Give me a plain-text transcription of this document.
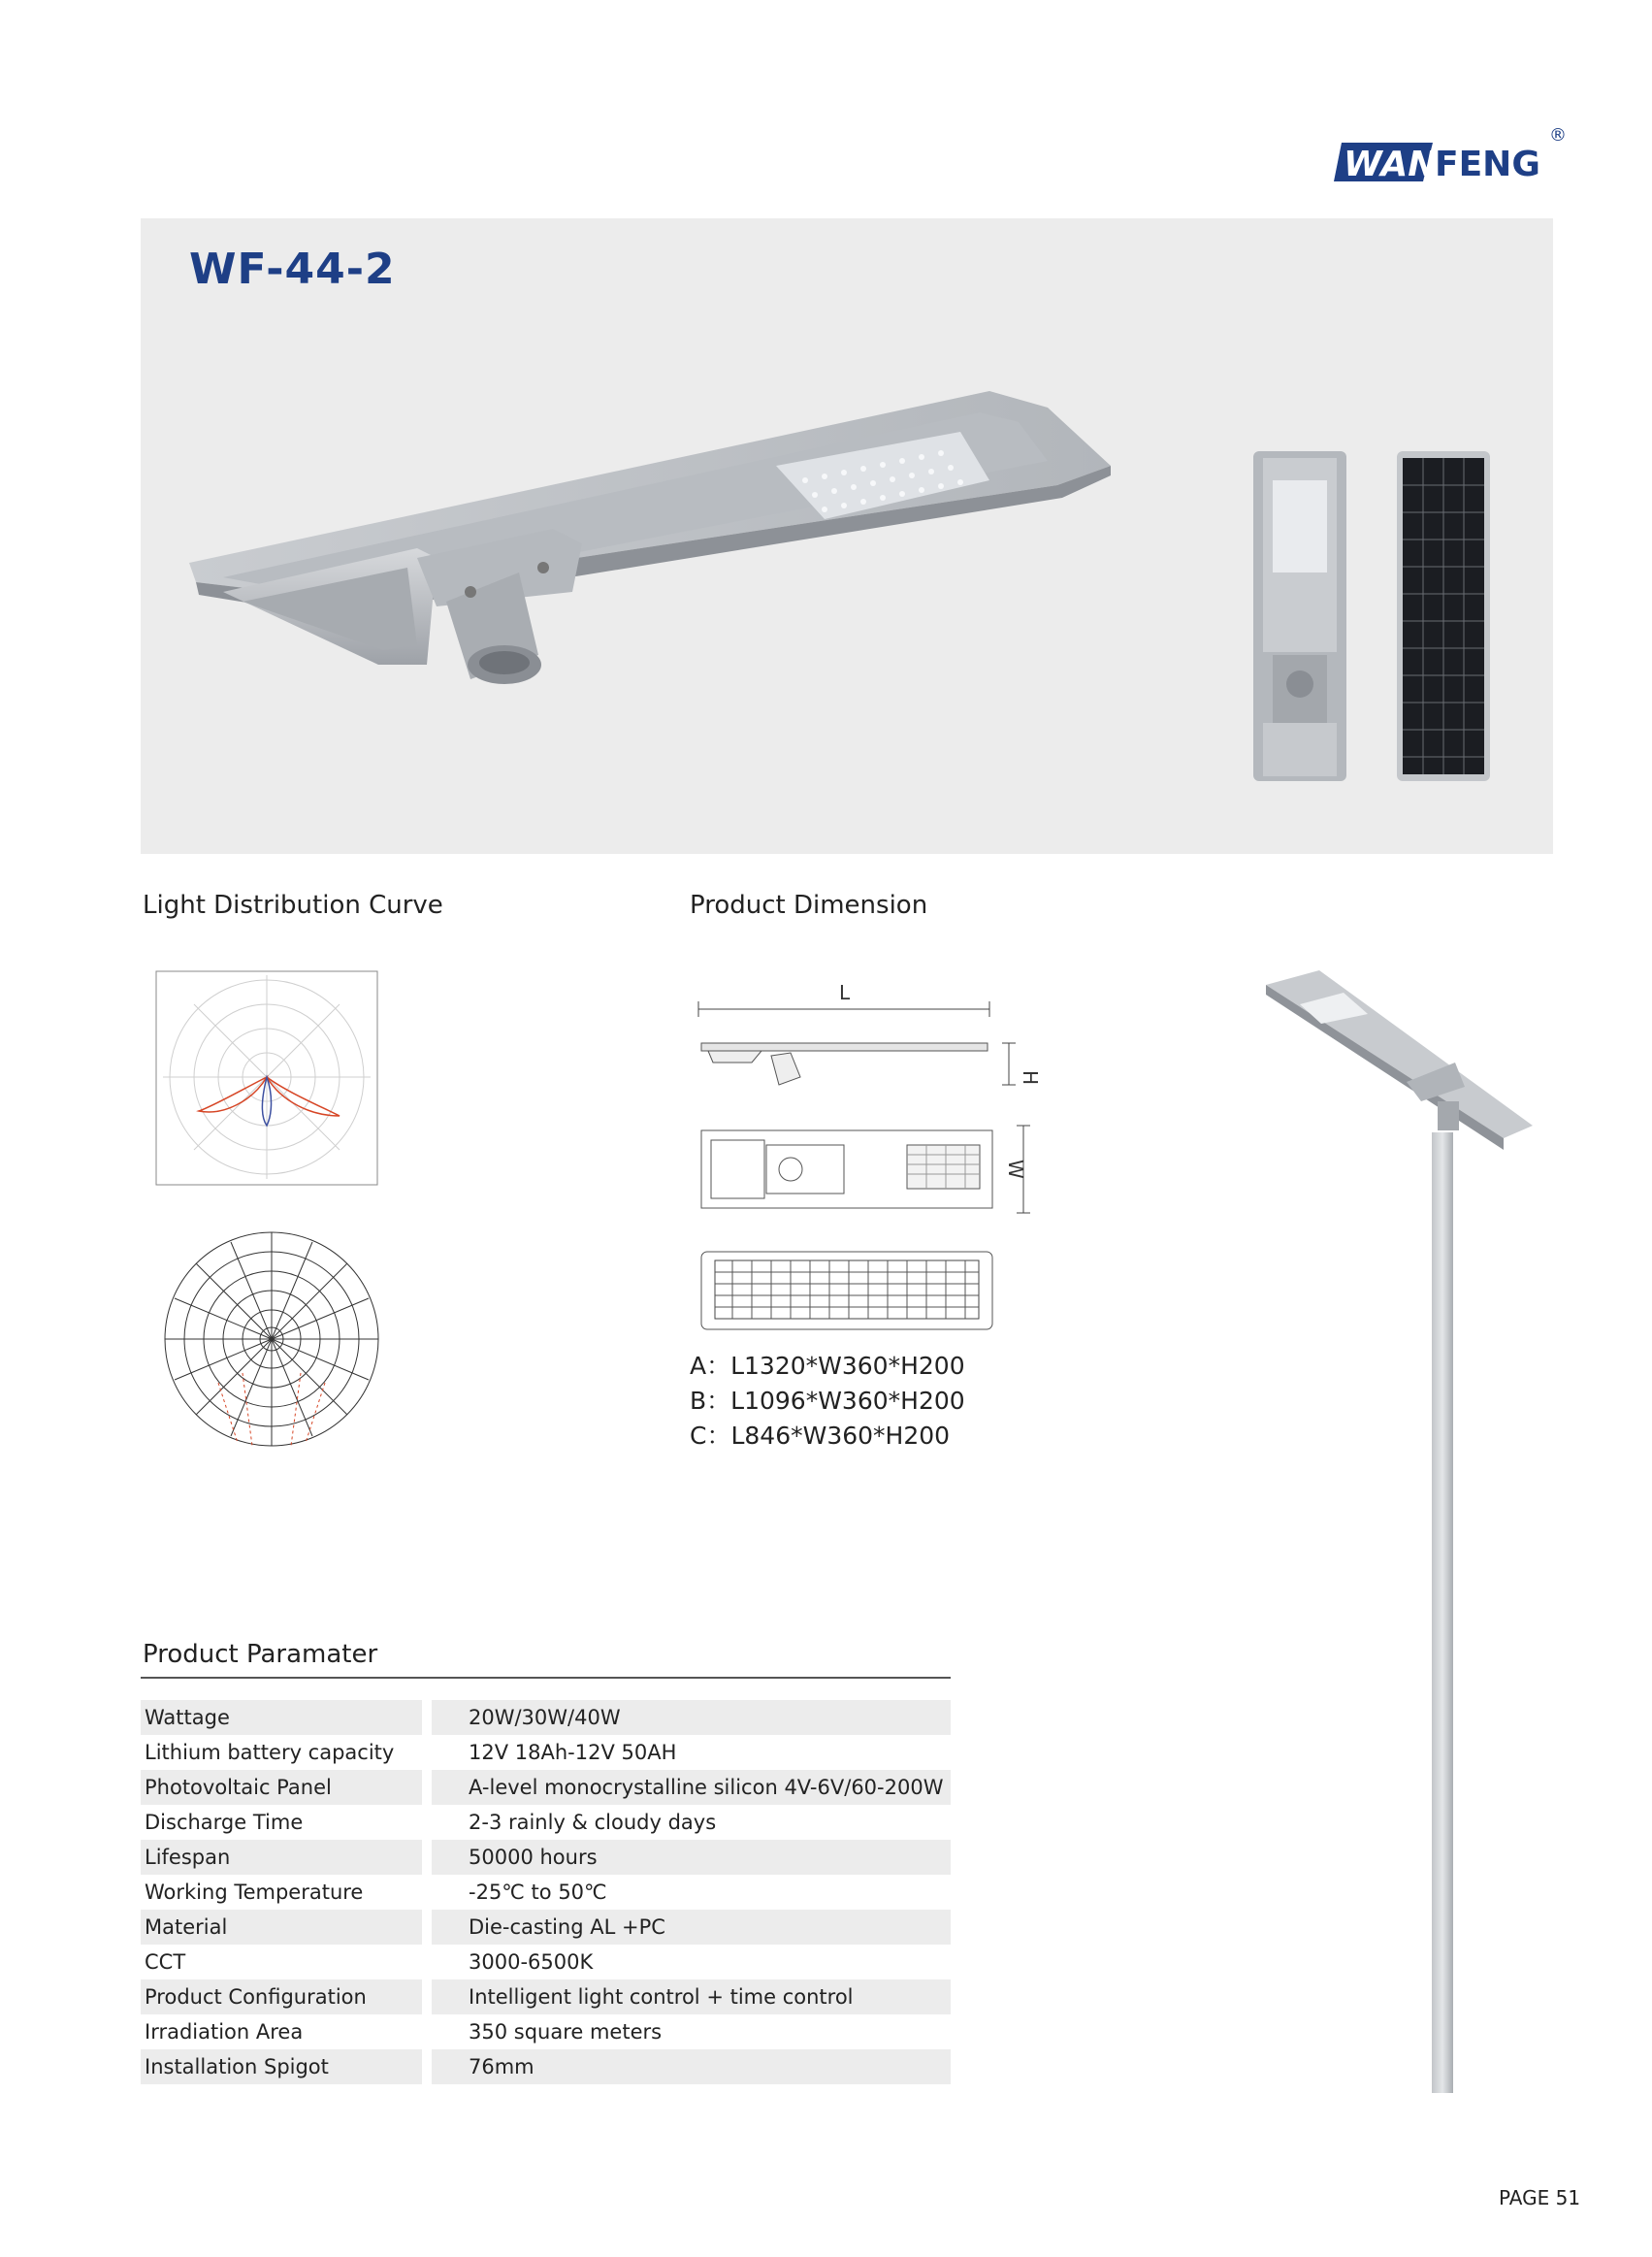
WAN
FENG
®
WF-44-2
Light Distribution Curve	Product Dimension
L
H
W
A：L1320*W360*H200
B：L1096*W360*H200
C：L846*W360*H200
Product Paramater
Wattage	20W/30W/40W
Lithium battery capacity	12V 18Ah-12V 50AH
Photovoltaic Panel	A-level monocrystalline silicon 4V-6V/60-200W
Discharge Time	2-3 rainly & cloudy days
Lifespan	50000 hours
Working Temperature	-25℃ to 50℃
Material	Die-casting AL +PC
CCT	3000-6500K
Product Configuration	Intelligent light control + time control
Irradiation Area	350 square meters
Installation Spigot	76mm
PAGE 51
